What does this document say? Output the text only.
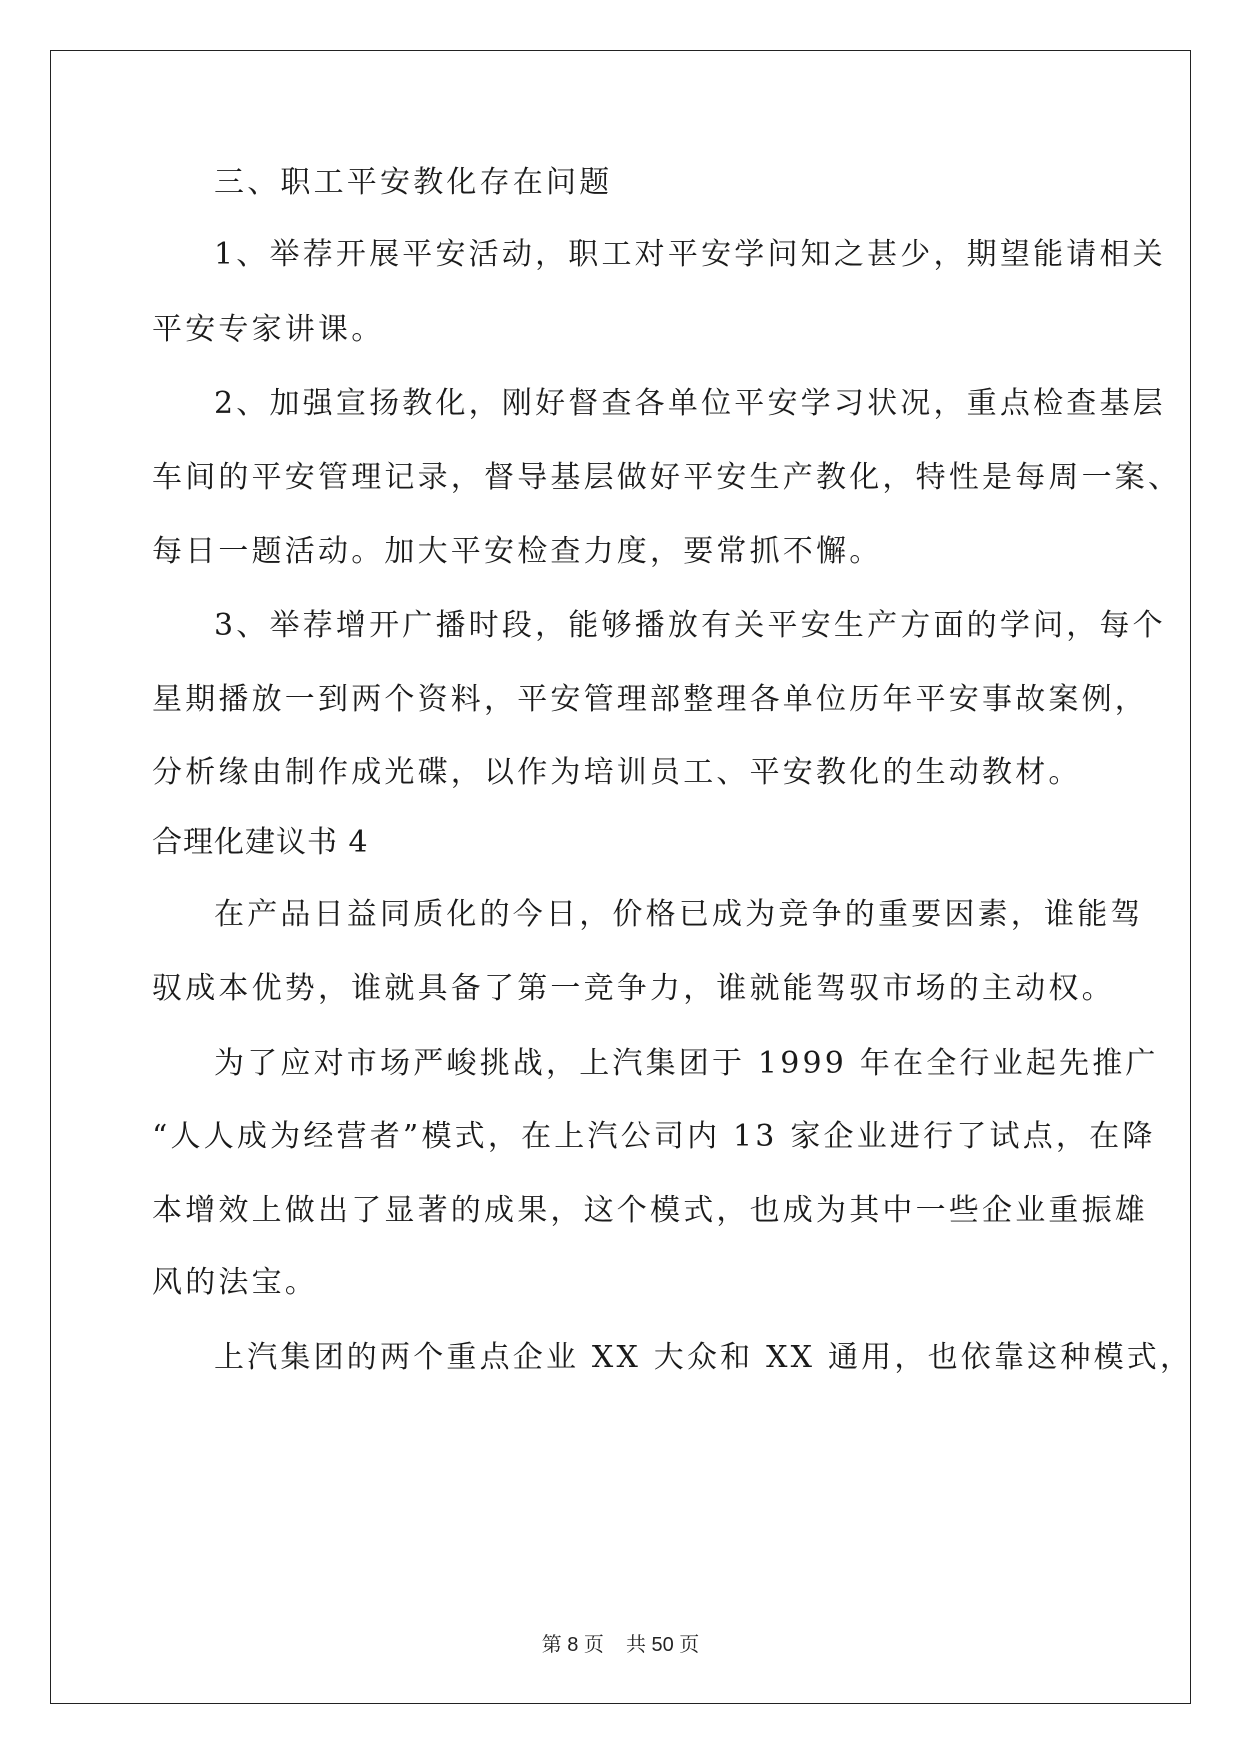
三、职工平安教化存在问题
1、举荐开展平安活动，职工对平安学问知之甚少，期望能请相关
平安专家讲课。
2、加强宣扬教化，刚好督查各单位平安学习状况，重点检查基层
车间的平安管理记录，督导基层做好平安生产教化，特性是每周一案、
每日一题活动。加大平安检查力度，要常抓不懈。
3、举荐增开广播时段，能够播放有关平安生产方面的学问，每个
星期播放一到两个资料，平安管理部整理各单位历年平安事故案例，
分析缘由制作成光碟，以作为培训员工、平安教化的生动教材。
合理化建议书 4
在产品日益同质化的今日，价格已成为竞争的重要因素，谁能驾
驭成本优势，谁就具备了第一竞争力，谁就能驾驭市场的主动权。
为了应对市场严峻挑战，上汽集团于 1999 年在全行业起先推广
“人人成为经营者”模式，在上汽公司内 13 家企业进行了试点，在降
本增效上做出了显著的成果，这个模式，也成为其中一些企业重振雄
风的法宝。
上汽集团的两个重点企业 XX 大众和 XX 通用，也依靠这种模式，
第 8 页 共 50 页
